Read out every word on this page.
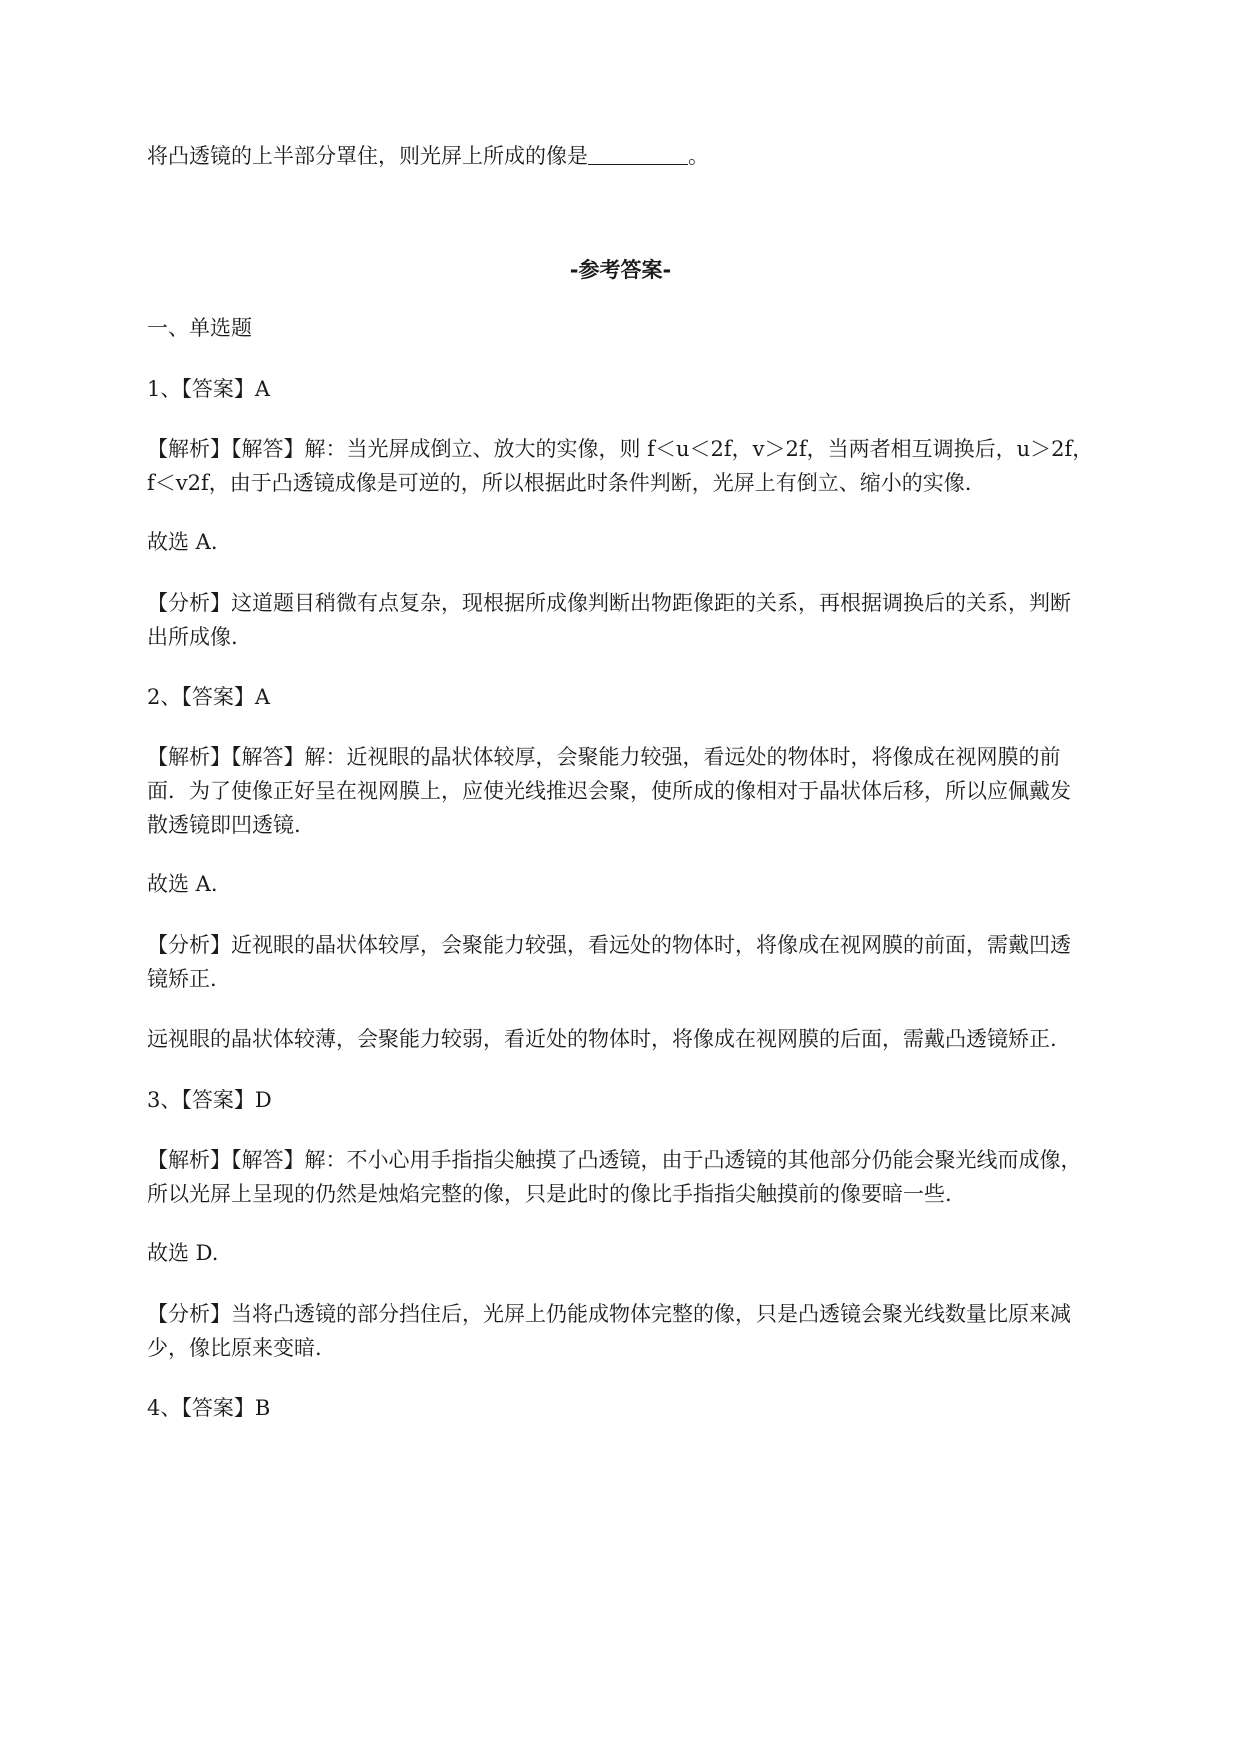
将凸透镜的上半部分罩住，则光屏上所成的像是	。
-参考答案-
一、单选题
1、【答案】A
【解析】【解答】解：当光屏成倒立、放大的实像，则 f＜u＜2f，v＞2f，当两者相互调换后，u＞2f，
f＜v2f，由于凸透镜成像是可逆的，所以根据此时条件判断，光屏上有倒立、缩小的实像.
故选 A.
【分析】这道题目稍微有点复杂，现根据所成像判断出物距像距的关系，再根据调换后的关系，判断
出所成像.
2、【答案】A
【解析】【解答】解：近视眼的晶状体较厚，会聚能力较强，看远处的物体时，将像成在视网膜的前
面．为了使像正好呈在视网膜上，应使光线推迟会聚，使所成的像相对于晶状体后移，所以应佩戴发
散透镜即凹透镜.
故选 A.
【分析】近视眼的晶状体较厚，会聚能力较强，看远处的物体时，将像成在视网膜的前面，需戴凹透
镜矫正.
远视眼的晶状体较薄，会聚能力较弱，看近处的物体时，将像成在视网膜的后面，需戴凸透镜矫正.
3、【答案】D
【解析】【解答】解：不小心用手指指尖触摸了凸透镜，由于凸透镜的其他部分仍能会聚光线而成像，
所以光屏上呈现的仍然是烛焰完整的像，只是此时的像比手指指尖触摸前的像要暗一些.
故选 D.
【分析】当将凸透镜的部分挡住后，光屏上仍能成物体完整的像，只是凸透镜会聚光线数量比原来减
少，像比原来变暗.
4、【答案】B
